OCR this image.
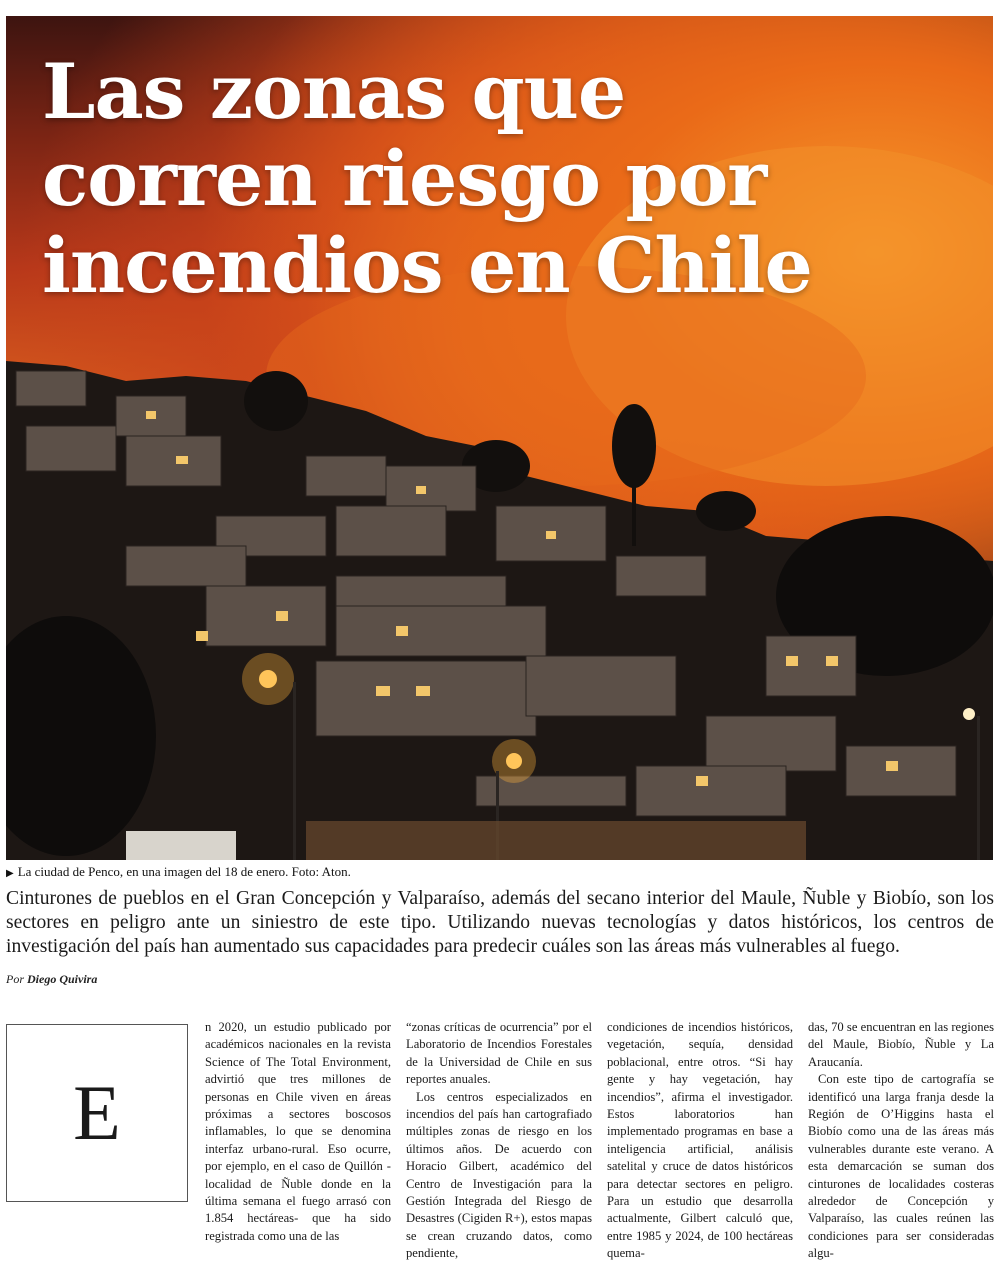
Las zonas que
corren riesgo por
incendios en Chile
▶ La ciudad de Penco, en una imagen del 18 de enero. Foto: Aton.

Cinturones de pueblos en el Gran Concepción y Valparaíso, además del secano interior del Maule, Ñuble y Biobío, son los sectores en peligro ante un siniestro de este tipo. Utilizando nuevas tecnologías y datos históricos, los centros de investigación del país han aumentado sus capacidades para predecir cuáles son las áreas más vulnerables al fuego.

Por Diego Quivira
E

n 2020, un estudio publicado por académicos nacionales en la revista Science of The Total Environment, advirtió que tres millones de personas en Chile viven en áreas próximas a sectores boscosos inflamables, lo que se denomina interfaz urbano-rural. Eso ocurre, por ejemplo, en el caso de Quillón -localidad de Ñuble donde en la última semana el fuego arrasó con 1.854 hectáreas- que ha sido registrada como una de las

“zonas críticas de ocurrencia” por el Laboratorio de Incendios Forestales de la Universidad de Chile en sus reportes anuales.

Los centros especializados en incendios del país han cartografiado múltiples zonas de riesgo en los últimos años. De acuerdo con Horacio Gilbert, académico del Centro de Investigación para la Gestión Integrada del Riesgo de Desastres (Cigiden R+), estos mapas se crean cruzando datos, como pendiente,

condiciones de incendios históricos, vegetación, sequía, densidad poblacional, entre otros. “Si hay gente y hay vegetación, hay incendios”, afirma el investigador. Estos laboratorios han implementado programas en base a inteligencia artificial, análisis satelital y cruce de datos históricos para detectar sectores en peligro. Para un estudio que desarrolla actualmente, Gilbert calculó que, entre 1985 y 2024, de 100 hectáreas quema-

das, 70 se encuentran en las regiones del Maule, Biobío, Ñuble y La Araucanía.

Con este tipo de cartografía se identificó una larga franja desde la Región de O’Higgins hasta el Biobío como una de las áreas más vulnerables durante este verano. A esta demarcación se suman dos cinturones de localidades costeras alrededor de Concepción y Valparaíso, las cuales reúnen las condiciones para ser consideradas algu-
